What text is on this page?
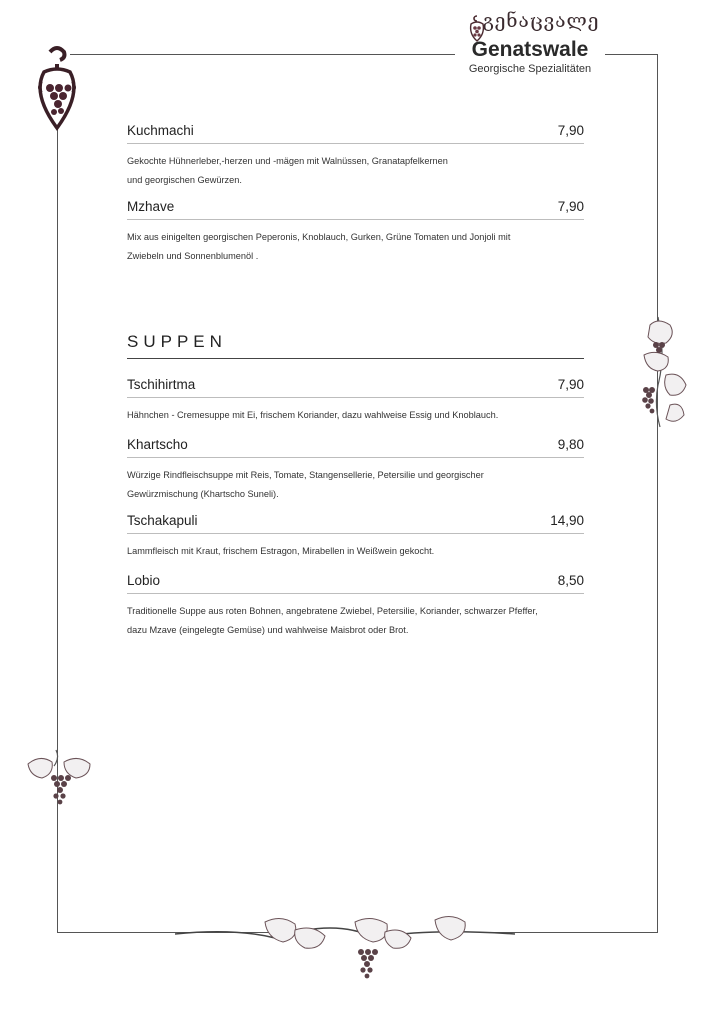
გენაცვალე
Genatswale
Georgische Spezialitäten
Kuchmachi	7,90
Gekochte Hühnerleber,-herzen und -mägen mit Walnüssen, Granatapfelkernen
und georgischen Gewürzen.
Mzhave	7,90
Mix aus einigelten georgischen Peperonis, Knoblauch, Gurken, Grüne Tomaten und Jonjoli mit
Zwiebeln und Sonnenblumenöl .
SUPPEN
Tschihirtma	7,90
Hähnchen - Cremesuppe mit Ei, frischem Koriander, dazu wahlweise Essig und Knoblauch.
Khartscho	9,80
Würzige Rindfleischsuppe mit Reis, Tomate, Stangensellerie, Petersilie und georgischer
Gewürzmischung (Khartscho Suneli).
Tschakapuli	14,90
Lammfleisch mit Kraut, frischem Estragon, Mirabellen in Weißwein gekocht.
Lobio	8,50
Traditionelle Suppe aus roten Bohnen, angebratene Zwiebel, Petersilie, Koriander, schwarzer Pfeffer,
dazu Mzave (eingelegte Gemüse) und wahlweise Maisbrot oder Brot.
